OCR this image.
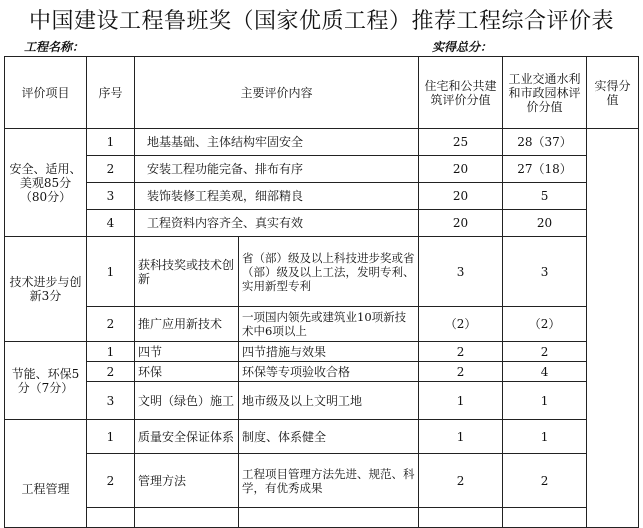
中国建设工程鲁班奖（国家优质工程）推荐工程综合评价表
工程名称：	实得总分：
评价项目	序号	主要评价内容		住宅和公共建筑评价分值	工业交通水利和市政园林评价分值	实得分值
安全、适用、美观85分（80分）	1	地基基础、主体结构牢固安全		25	28（37）	
	2	安装工程功能完备、排布有序		20	27（18）	
	3	装饰装修工程美观，细部精良		20	5	
	4	工程资料内容齐全、真实有效		20	20	
技术进步与创新3分	1	获科技奖或技术创新	省（部）级及以上科技进步奖或省（部）级及以上工法，发明专利、实用新型专利	3	3	
	2	推广应用新技术	一项国内领先或建筑业10项新技术中6项以上	（2）	（2）	
节能、环保5分（7分）	1	四节	四节措施与效果	2	2	
	2	环保	环保等专项验收合格	2	4	
	3	文明（绿色）施工	地市级及以上文明工地	1	1	
工程管理	1	质量安全保证体系	制度、体系健全	1	1	
	2	管理方法	工程项目管理方法先进、规范、科学，有优秀成果	2	2	
